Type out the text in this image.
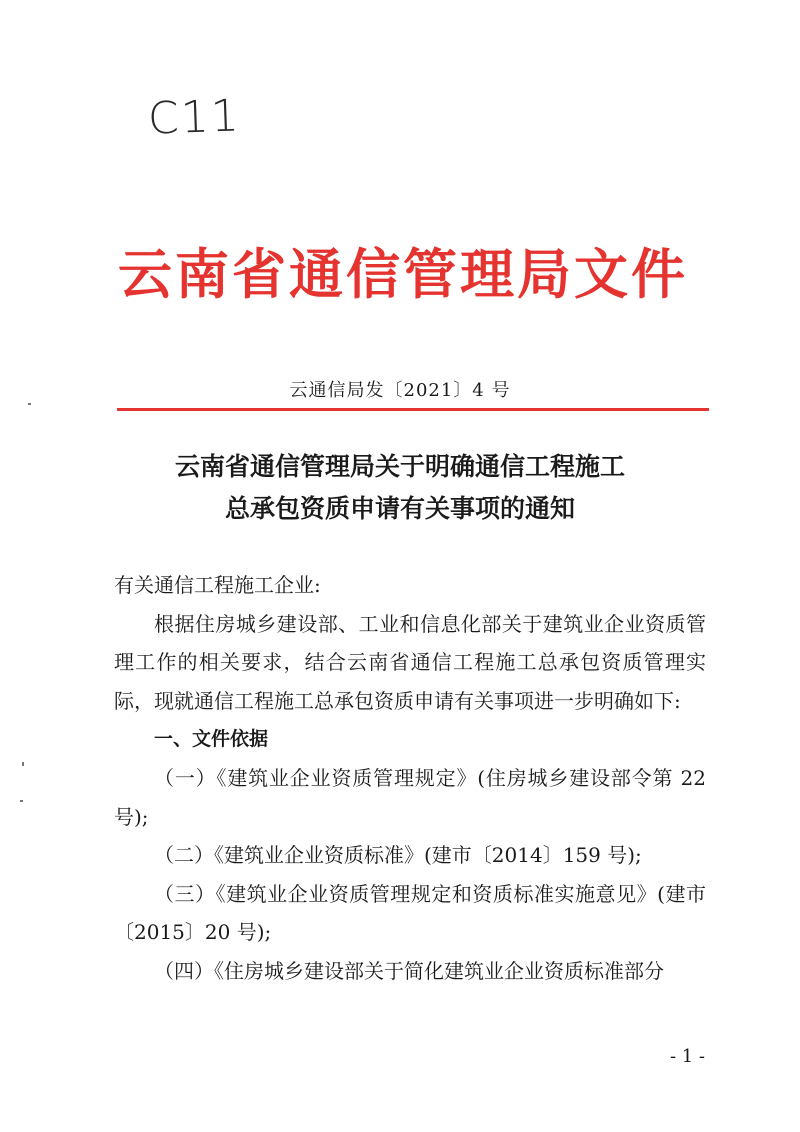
C11
云南省通信管理局文件
云通信局发〔2021〕4 号
云南省通信管理局关于明确通信工程施工
总承包资质申请有关事项的通知

有关通信工程施工企业:

根据住房城乡建设部、工业和信息化部关于建筑业企业资质管理工作的相关要求，结合云南省通信工程施工总承包资质管理实际，现就通信工程施工总承包资质申请有关事项进一步明确如下:

一、文件依据

（一）《建筑业企业资质管理规定》(住房城乡建设部令第 22 号);

（二）《建筑业企业资质标准》(建市〔2014〕159 号);

（三）《建筑业企业资质管理规定和资质标准实施意见》(建市〔2015〕20 号);

（四）《住房城乡建设部关于简化建筑业企业资质标准部分

- 1 -
